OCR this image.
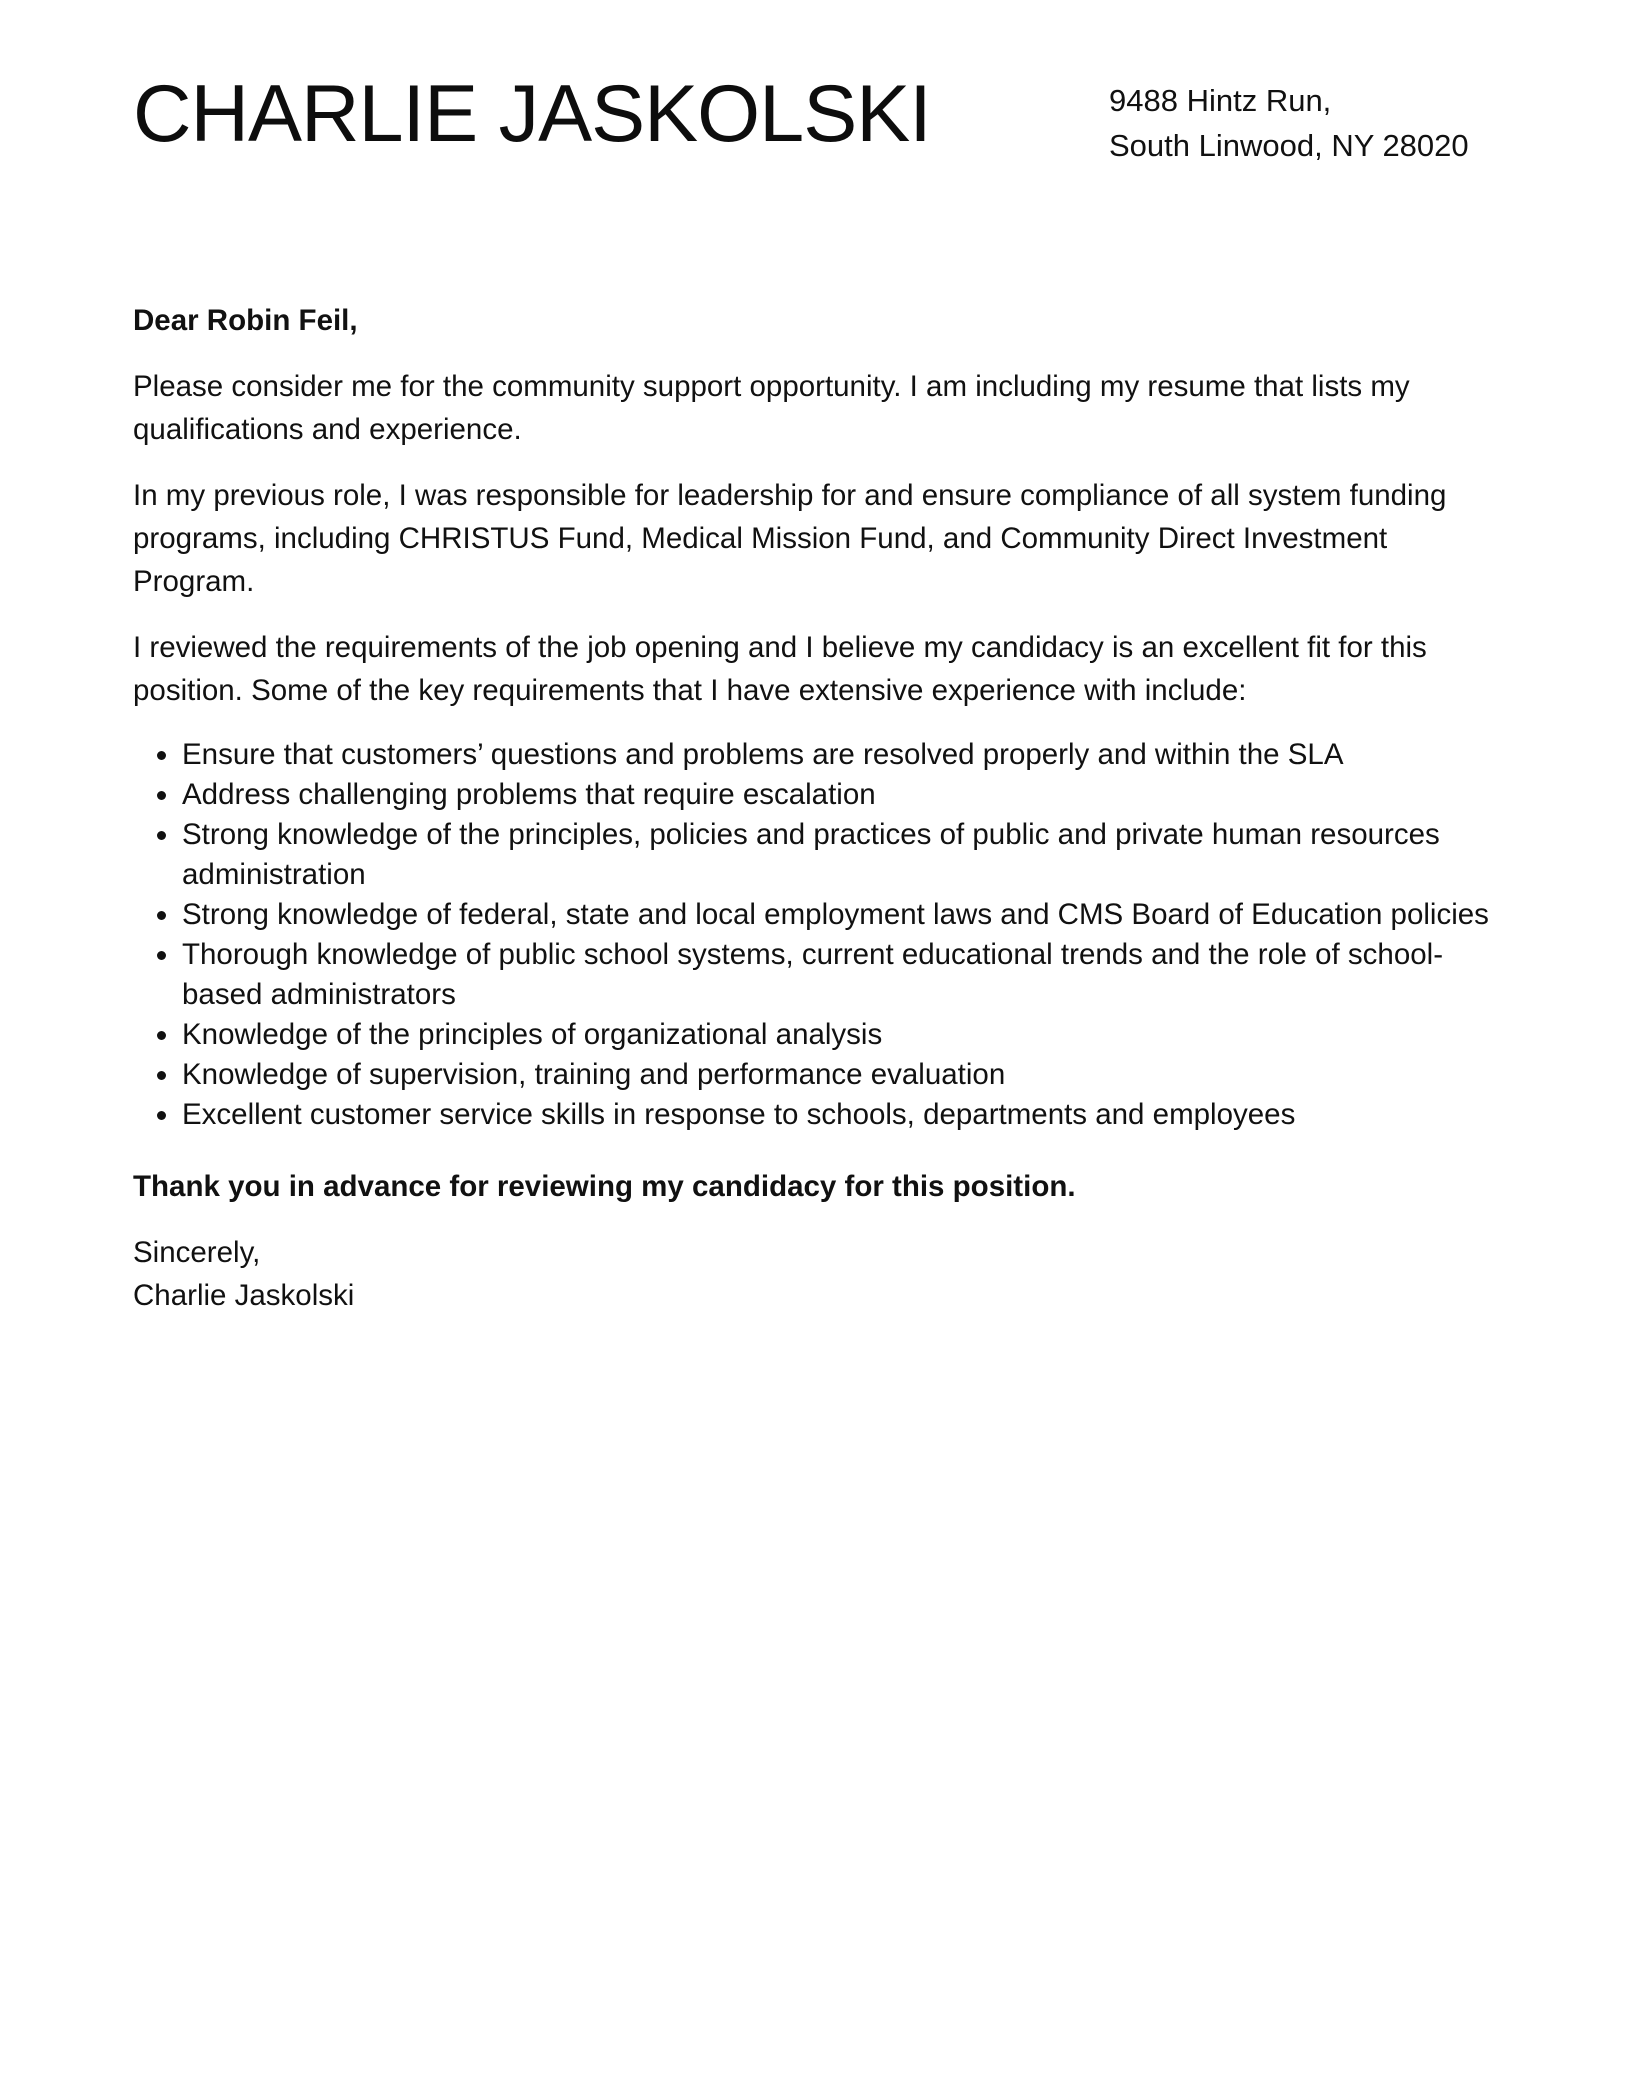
CHARLIE JASKOLSKI	9488 Hintz Run,
South Linwood, NY 28020

Dear Robin Feil,

Please consider me for the community support opportunity. I am including my resume that lists my qualifications and experience.

In my previous role, I was responsible for leadership for and ensure compliance of all system funding programs, including CHRISTUS Fund, Medical Mission Fund, and Community Direct Investment Program.

I reviewed the requirements of the job opening and I believe my candidacy is an excellent fit for this position. Some of the key requirements that I have extensive experience with include:

Ensure that customers’ questions and problems are resolved properly and within the SLA
Address challenging problems that require escalation
Strong knowledge of the principles, policies and practices of public and private human resources administration
Strong knowledge of federal, state and local employment laws and CMS Board of Education policies
Thorough knowledge of public school systems, current educational trends and the role of school-based administrators
Knowledge of the principles of organizational analysis
Knowledge of supervision, training and performance evaluation
Excellent customer service skills in response to schools, departments and employees

Thank you in advance for reviewing my candidacy for this position.

Sincerely,
Charlie Jaskolski
